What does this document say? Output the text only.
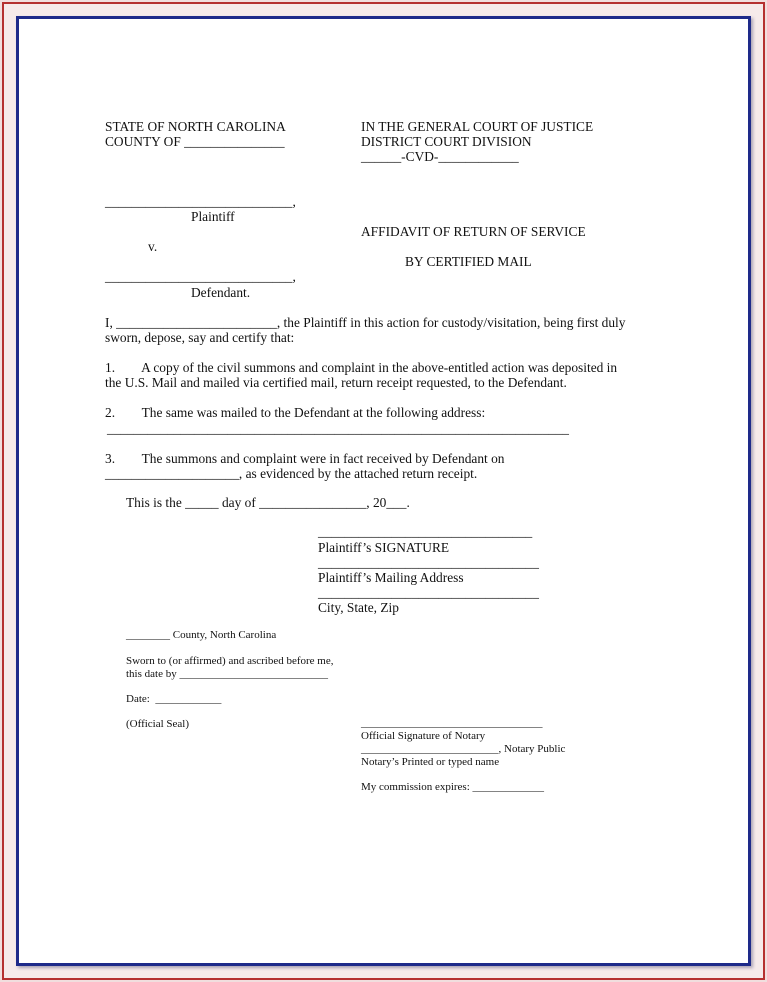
STATE OF NORTH CAROLINA
COUNTY OF _______________
IN THE GENERAL COURT OF JUSTICE
DISTRICT COURT DIVISION
______-CVD-____________
____________________________,
Plaintiff
AFFIDAVIT OF RETURN OF SERVICE
v.
BY CERTIFIED MAIL
____________________________,
Defendant.
I, ________________________, the Plaintiff in this action for custody/visitation, being first duly
sworn, depose, say and certify that:
1.        A copy of the civil summons and complaint in the above-entitled action was deposited in
the U.S. Mail and mailed via certified mail, return receipt requested, to the Defendant.
2.        The same was mailed to the Defendant at the following address:
_____________________________________________________________________
3.        The summons and complaint were in fact received by Defendant on
____________________, as evidenced by the attached return receipt.
This is the _____ day of ________________, 20___.
________________________________
Plaintiff’s SIGNATURE
_________________________________
Plaintiff’s Mailing Address
_________________________________
City, State, Zip
________ County, North Carolina
Sworn to (or affirmed) and ascribed before me,
this date by ___________________________
Date:  ____________
(Official Seal)	_________________________________
Official Signature of Notary
_________________________, Notary Public
Notary’s Printed or typed name
My commission expires: _____________
